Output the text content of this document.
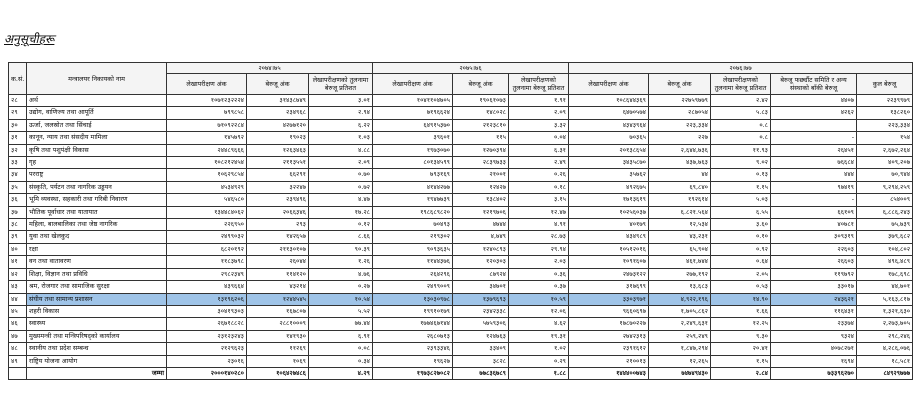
अनुसूचीहरू
क.सं.	मन्त्रालयर निकायको नाम	२०७४।७५			२०७५।७६			२०७६।७७				
		लेखापरीक्षण अंक	बेरुजू अंक	लेखापरीक्षणको तुलनामा बेरुजू प्रतिशत	लेखापरीक्षण अंक	बेरुजू अंक	लेखापरीक्षणको तुलनामा बेरुजू प्रतिशत	लेखापरीक्षण अंक	बेरुजू अंक	लेखापरीक्षणको तुलनामा बेरुजू प्रतिशत	बेरुजू फर्छ्यौट समिति र अन्य संस्थाको बाँकी बेरुजू	कुल बेरुजू
२८	अर्थ	१०७१२३२२२४	३१४३८७४९	३.०१	१०४११०४७०५	१९०६१०७३	१.९१	१०८६४४३६९	२२७५९७७९	२.४२	४४०७	२२३९९७९
२९	उद्योग, वाणिज्य तथा आपूर्ति	७९९८५८	२३४९६८	२.९४	७१९६६२४	१४८०२८	२.०९	६४७०५७४	२८७०५४	५.८३	४२६२	१३८२६०
३०	ऊर्जा, जलस्रोत तथा सिंचाई	७१०९२२८४	४२७७१२०	६.२२	६४९१५३७०	२१२३८१०	३.३२	४३४३९६४	२२३,३३४	०.८		२२३,३३४
३१	कानून, न्याय तथा संसदीय मामिला	१४५७९२	१९०२३	१.०३	३९६०१	११५	०.०४	७०३६५	२२७	०.८	-	१५४
३२	कृषि तथा पशुपंक्षी विकास	२४४८९६६६	१२६३४६३	४.८८	१९७३०७०	१२७०३९४	६.३१	२०१३८६५४	२,६४४,७३६	११.९३	२६४५१	२,६७२,२६४
३३	गृह	१०८२१२४५४	२११३५५१	२.०९	८०१३४५९९	२८३९७३३	२.४९	३४३५८७०	४३७,७६३	९.०२	७६६८४	४०९,२०७
३४	परराष्ट्र	१०६२९८५४	६६२९१	०.७०	७९३१६९	२१००१	०.२६	३५७६२	४४	०.१३	४४४	७०,९४४
३५	संस्कृति, पर्यटन तथा नागरिक उड्डयन	४५३४९२९	३२२४७	०.७२	४१४४२७७	१२४२७	०.१८	४९२६७५	६९,८४०	१.१५	९७४१९	९,२९४,२५९
३६	भूमि व्यवस्था, सहकारी तथा गरिबी निवारण	५४६५८०	२३९४९६	४.४७	१९४७७३९	१३८४०२	३.१५	१७१३६१९	१९२६१४	५.०३	-	८५४००९
३७	भौतिक पूर्वाधार तथा यातायात	१३४४८४०६२	२०६६३४६	१७.२८	१९८६८९८२०	१२१९७०६	१२.४७	१०२५६०३७	६.८२१.५६४	६.५५	६६१०९	६,८८६,२४३
३८	महिला, बालबालिका तथा जेष्ठ नागरिक	२२६९५०	२९३	०.१२	७०४९३	४७४४	४.९१	४०१७९	१२,५३४	३.६०	४०७८१	७५,७३९
३९	युवा तथा खेलकुद	२४९९०३२	१४२६५७	८.६६	२१९३०२	४,७४९	२८.७३	४३४९८९	४३,२३१	०.१०	३०९३१९	३७९,६८२
४०	रक्षा	६८२०१९२	२११३०१०७	९०.३९	९०९३६३५	१२४०८९३	२९.९४	१०५१२०१६	६५,९०४	०.९२	२२६०३	१०४,८०२
४१	वन तथा वातावरण	११८३७९८	२६०४४	१.२६	११४४३७६	१२०३०३	२.०३	१०९१६०७	४६१,७४४	०.६४	२६६०३	४९६,४८९
४२	शिक्षा, विज्ञान तथा प्रविधि	२९८२३४९	११४१२०	४.७६	२६४२९६	८७९२४	०.३६	२४७३१२२	२७७,१९२	२.०५	११९७९२	१७८,६९८
४३	श्रम, रोजगार तथा सामाजिक सुरक्षा	४३९६६४	४३२१४	०.२७	२४९९००९	३४७०१	०.३७	३१७६९९	१३,६८३	०.५३	३३०१७	४४,७०१
४४	संघीय तथा सामान्य प्रशासन	१३१९६२०६	१२४४५४५	१०.५४	१३०३०९७८	१३७९६९३	१०.५९	३३०३९७१	४,९२२,१९६	१४.९०	२४३६२१	५,१६३,८१७
४५	शहरी विकास	३०४१९३०३	१६७८०७	५.५२	१९९१०१७९	२३४२३३८	१२.०६	९६६०६९७	१,७०५,८६२	१.६६	११६४३१	१,३२१,६३०
४६	स्वास्थ्य	२६७१८८२८	२८८१०००९	७७.४४	१७७४६७१४४	५७५९३०६	४.६२	१७८७०२२७	२,२४९,६३१	१२.२५	२३३७४	२,२७३,७०५
४७	मुख्यमन्त्री तथा मन्त्रिपरिषद्को कार्यालय	२३१२३२४३	१४१९३०	६.९१	२६८०७१३	१२४७६३	१९.३१	२७४२३१३	२५९,२४९	९.३०	९३२४	२९८,२४६
४८	स्थानीय तथा प्रदेश सम्बन्ध	२१२९६२३	११२६९	०.०८	२३९३३४६	३३४०९	१.०२	२३९१६१२	१,८४७,२९४	२०.४१	४०७८२७१	४,२८६,०७६
४९	राष्ट्रिय योजना आयोग	२३०१६	१०६९	०.३४	१९६२७	३८२८	०.२९	२१००१३	१२,२६५	१.१५	१६९४	१८,५८१
	जम्मा	२०००१४०२८०	१०६४२७४८६	४.२९	१९७३८२७०८२	७७८३६७८९	१.८८	१४४४००७४३	७४७४९४३०	२.८४	७३३९६२७०	८४९२९७७७
